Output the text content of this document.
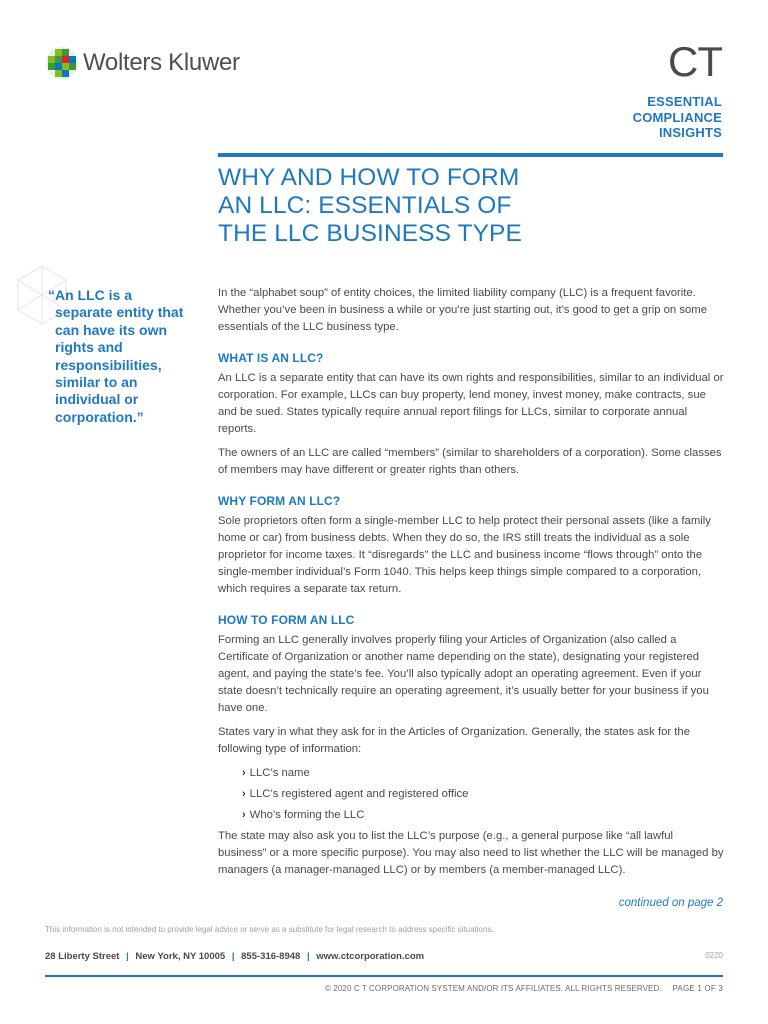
Wolters Kluwer	CT
ESSENTIAL
COMPLIANCE
INSIGHTS
WHY AND HOW TO FORM
AN LLC: ESSENTIALS OF
THE LLC BUSINESS TYPE
“An LLC is a separate entity that can have its own rights and responsibilities, similar to an individual or corporation.”

In the “alphabet soup” of entity choices, the limited liability company (LLC) is a frequent favorite. Whether you’ve been in business a while or you’re just starting out, it’s good to get a grip on some essentials of the LLC business type.

WHAT IS AN LLC?

An LLC is a separate entity that can have its own rights and responsibilities, similar to an individual or corporation. For example, LLCs can buy property, lend money, invest money, make contracts, sue and be sued. States typically require annual report filings for LLCs, similar to corporate annual reports.

The owners of an LLC are called “members” (similar to shareholders of a corporation). Some classes of members may have different or greater rights than others.

WHY FORM AN LLC?

Sole proprietors often form a single-member LLC to help protect their personal assets (like a family home or car) from business debts. When they do so, the IRS still treats the individual as a sole proprietor for income taxes. It “disregards” the LLC and business income “flows through” onto the single-member individual’s Form 1040. This helps keep things simple compared to a corporation, which requires a separate tax return.

HOW TO FORM AN LLC

Forming an LLC generally involves properly filing your Articles of Organization (also called a Certificate of Organization or another name depending on the state), designating your registered agent, and paying the state’s fee. You’ll also typically adopt an operating agreement. Even if your state doesn’t technically require an operating agreement, it’s usually better for your business if you have one.

States vary in what they ask for in the Articles of Organization. Generally, the states ask for the following type of information:

› LLC’s name
› LLC’s registered agent and registered office
› Who’s forming the LLC

The state may also ask you to list the LLC’s purpose (e.g., a general purpose like “all lawful business” or a more specific purpose). You may also need to list whether the LLC will be managed by managers (a manager-managed LLC) or by members (a member-managed LLC).

continued on page 2
This information is not intended to provide legal advice or serve as a substitute for legal research to address specific situations.
28 Liberty Street | New York, NY 10005 | 855-316-8948 | www.ctcorporation.com	0220
© 2020 C T CORPORATION SYSTEM AND/OR ITS AFFILIATES. ALL RIGHTS RESERVED. PAGE 1 OF 3
